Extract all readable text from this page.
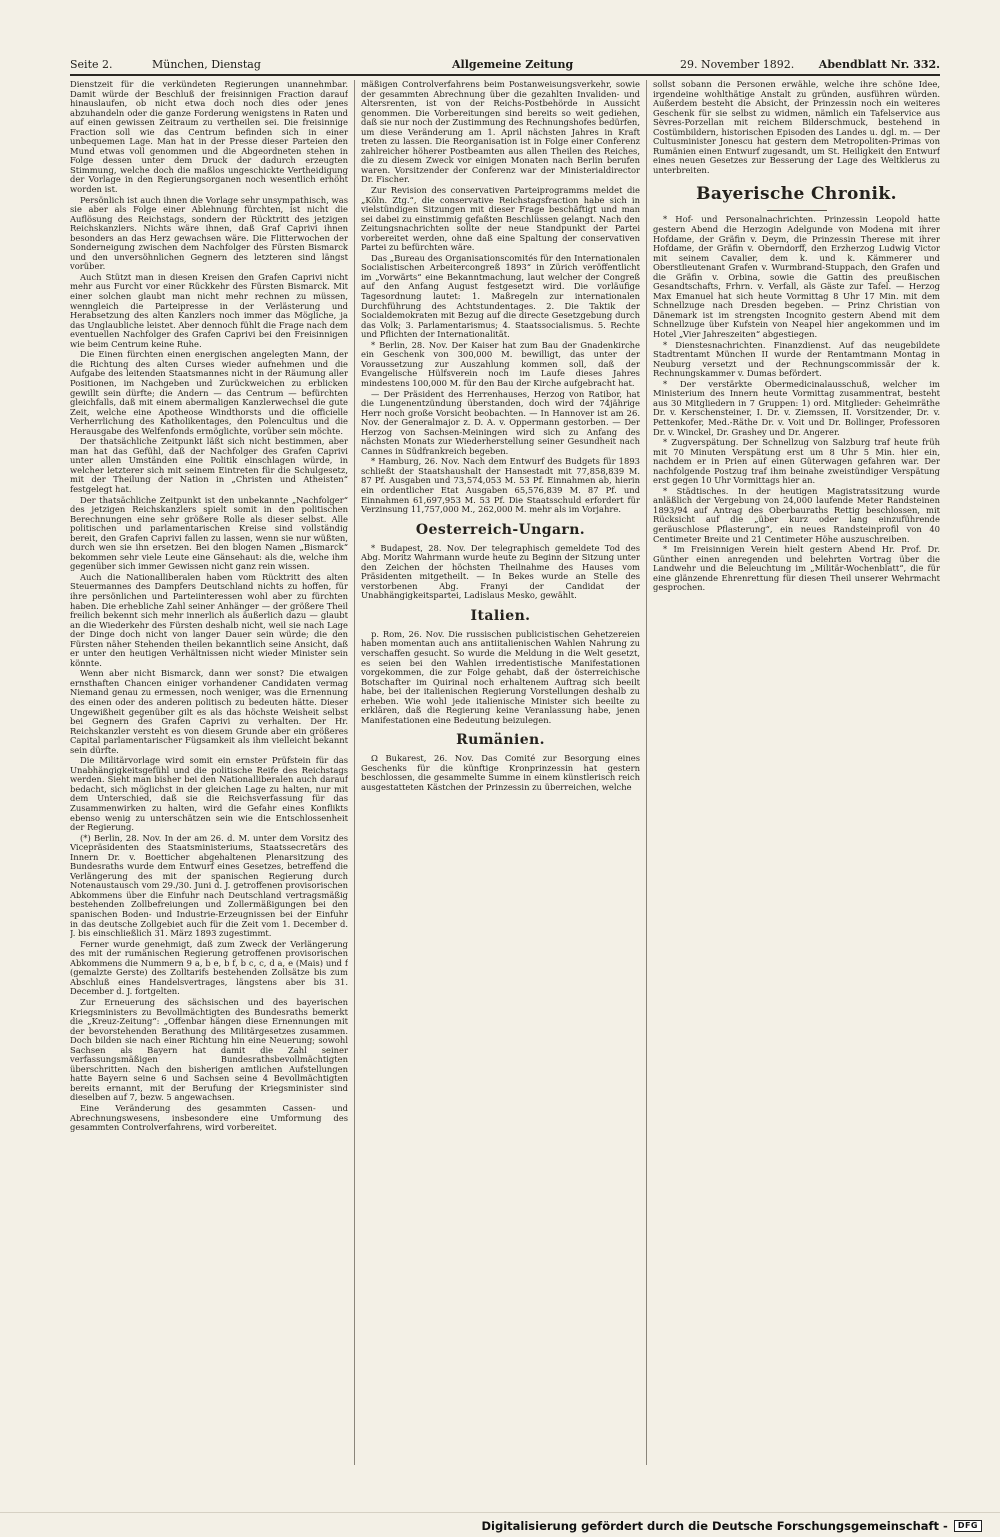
Seite 2.	München, Dienstag	Allgemeine Zeitung	29. November 1892. Abendblatt Nr. 332.

Dienstzeit für die verkündeten Regierungen unannehmbar. Damit würde der Beschluß der freisinnigen Fraction darauf hinauslaufen, ob nicht etwa doch noch dies oder jenes abzuhandeln oder die ganze Forderung wenigstens in Raten und auf einen gewissen Zeitraum zu vertheilen sei. Die freisinnige Fraction soll wie das Centrum befinden sich in einer unbequemen Lage. Man hat in der Presse dieser Parteien den Mund etwas voll genommen und die Abgeordneten stehen in Folge dessen unter dem Druck der dadurch erzeugten Stimmung, welche doch die maßlos ungeschickte Vertheidigung der Vorlage in den Regierungsorganen noch wesentlich erhöht worden ist.

Persönlich ist auch ihnen die Vorlage sehr unsympathisch, was sie aber als Folge einer Ablehnung fürchten, ist nicht die Auflösung des Reichstags, sondern der Rücktritt des jetzigen Reichskanzlers. Nichts wäre ihnen, daß Graf Caprivi ihnen besonders an das Herz gewachsen wäre. Die Flitterwochen der Sonderneigung zwischen dem Nachfolger des Fürsten Bismarck und den unversöhnlichen Gegnern des letzteren sind längst vorüber.

Auch Stützt man in diesen Kreisen den Grafen Caprivi nicht mehr aus Furcht vor einer Rückkehr des Fürsten Bismarck. Mit einer solchen glaubt man nicht mehr rechnen zu müssen, wenngleich die Parteipresse in der Verlästerung und Herabsetzung des alten Kanzlers noch immer das Mögliche, ja das Unglaubliche leistet. Aber dennoch fühlt die Frage nach dem eventuellen Nachfolger des Grafen Caprivi bei den Freisinnigen wie beim Centrum keine Ruhe.

Die Einen fürchten einen energischen angelegten Mann, der die Richtung des alten Curses wieder aufnehmen und die Aufgabe des leitenden Staatsmannes nicht in der Räumung aller Positionen, im Nachgeben und Zurückweichen zu erblicken gewillt sein dürfte; die Andern — das Centrum — befürchten gleichfalls, daß mit einem abermaligen Kanzlerwechsel die gute Zeit, welche eine Apotheose Windthorsts und die officielle Verherrlichung des Katholikentages, den Polencultus und die Herausgabe des Welfenfonds ermöglichte, vorüber sein möchte.

Der thatsächliche Zeitpunkt läßt sich nicht bestimmen, aber man hat das Gefühl, daß der Nachfolger des Grafen Caprivi unter allen Umständen eine Politik einschlagen würde, in welcher letzterer sich mit seinem Eintreten für die Schulgesetz, mit der Theilung der Nation in „Christen und Atheisten“ festgelegt hat.

Der thatsächliche Zeitpunkt ist den unbekannte „Nachfolger“ des jetzigen Reichskanzlers spielt somit in den politischen Berechnungen eine sehr größere Rolle als dieser selbst. Alle politischen und parlamentarischen Kreise sind vollständig bereit, den Grafen Caprivi fallen zu lassen, wenn sie nur wüßten, durch wen sie ihn ersetzen. Bei den blogen Namen „Bismarck“ bekommen sehr viele Leute eine Gänsehaut: als die, welche ihm gegenüber sich immer Gewissen nicht ganz rein wissen.

Auch die Nationalliberalen haben vom Rücktritt des alten Steuermannes des Dampfers Deutschland nichts zu hoffen, für ihre persönlichen und Parteiinteressen wohl aber zu fürchten haben. Die erhebliche Zahl seiner Anhänger — der größere Theil freilich bekennt sich mehr innerlich als äußerlich dazu — glaubt an die Wiederkehr des Fürsten deshalb nicht, weil sie nach Lage der Dinge doch nicht von langer Dauer sein würde; die den Fürsten näher Stehenden theilen bekanntlich seine Ansicht, daß er unter den heutigen Verhältnissen nicht wieder Minister sein könnte.

Wenn aber nicht Bismarck, dann wer sonst? Die etwaigen ernsthaften Chancen einiger vorhandener Candidaten vermag Niemand genau zu ermessen, noch weniger, was die Ernennung des einen oder des anderen politisch zu bedeuten hätte. Dieser Ungewißheit gegenüber gilt es als das höchste Weisheit selbst bei Gegnern des Grafen Caprivi zu verhalten. Der Hr. Reichskanzler versteht es von diesem Grunde aber ein größeres Capital parlamentarischer Fügsamkeit als ihm vielleicht bekannt sein dürfte.

Die Militärvorlage wird somit ein ernster Prüfstein für das Unabhängigkeitsgefühl und die politische Reife des Reichstags werden. Sieht man bisher bei den Nationalliberalen auch darauf bedacht, sich möglichst in der gleichen Lage zu halten, nur mit dem Unterschied, daß sie die Reichsverfassung für das Zusammenwirken zu halten, wird die Gefahr eines Konflikts ebenso wenig zu unterschätzen sein wie die Entschlossenheit der Regierung.

(*) Berlin, 28. Nov. In der am 26. d. M. unter dem Vorsitz des Vicepräsidenten des Staatsministeriums, Staatssecretärs des Innern Dr. v. Boetticher abgehaltenen Plenarsitzung des Bundesraths wurde dem Entwurf eines Gesetzes, betreffend die Verlängerung des mit der spanischen Regierung durch Notenaustausch vom 29./30. Juni d. J. getroffenen provisorischen Abkommens über die Einfuhr nach Deutschland vertragsmäßig bestehenden Zollbefreiungen und Zollermäßigungen bei den spanischen Boden- und Industrie-Erzeugnissen bei der Einfuhr in das deutsche Zollgebiet auch für die Zeit vom 1. December d. J. bis einschließlich 31. März 1893 zugestimmt.

Ferner wurde genehmigt, daß zum Zweck der Verlängerung des mit der rumänischen Regierung getroffenen provisorischen Abkommens die Nummern 9 a, b e, b f, b c, c, d a, e (Mais) und f (gemalzte Gerste) des Zolltarifs bestehenden Zollsätze bis zum Abschluß eines Handelsvertrages, längstens aber bis 31. December d. J. fortgelten.

Zur Erneuerung des sächsischen und des bayerischen Kriegsministers zu Bevollmächtigten des Bundesraths bemerkt die „Kreuz-Zeitung“: „Offenbar hängen diese Ernennungen mit der bevorstehenden Berathung des Militärgesetzes zusammen. Doch bilden sie nach einer Richtung hin eine Neuerung; sowohl Sachsen als Bayern hat damit die Zahl seiner verfassungsmäßigen Bundesrathsbevollmächtigten überschritten. Nach den bisherigen amtlichen Aufstellungen hatte Bayern seine 6 und Sachsen seine 4 Bevollmächtigten bereits ernannt, mit der Berufung der Kriegsminister sind dieselben auf 7, bezw. 5 angewachsen.

Eine Veränderung des gesammten Cassen- und Abrechnungswesens, insbesondere eine Umformung des gesammten Controlverfahrens, wird vorbereitet.

mäßigen Controlverfahrens beim Postanweisungsverkehr, sowie der gesammten Abrechnung über die gezahlten Invaliden- und Altersrenten, ist von der Reichs-Postbehörde in Aussicht genommen. Die Vorbereitungen sind bereits so weit gediehen, daß sie nur noch der Zustimmung des Rechnungshofes bedürfen, um diese Veränderung am 1. April nächsten Jahres in Kraft treten zu lassen. Die Reorganisation ist in Folge einer Conferenz zahlreicher höherer Postbeamten aus allen Theilen des Reiches, die zu diesem Zweck vor einigen Monaten nach Berlin berufen waren. Vorsitzender der Conferenz war der Ministerialdirector Dr. Fischer.

Zur Revision des conservativen Parteiprogramms meldet die „Köln. Ztg.“, die conservative Reichstagsfraction habe sich in vielstündigen Sitzungen mit dieser Frage beschäftigt und man sei dabei zu einstimmig gefaßten Beschlüssen gelangt. Nach den Zeitungsnachrichten sollte der neue Standpunkt der Partei vorbereitet werden, ohne daß eine Spaltung der conservativen Partei zu befürchten wäre.

Das „Bureau des Organisationscomités für den Internationalen Socialistischen Arbeitercongreß 1893“ in Zürich veröffentlicht im „Vorwärts“ eine Bekanntmachung, laut welcher der Congreß auf den Anfang August festgesetzt wird. Die vorläufige Tagesordnung lautet: 1. Maßregeln zur internationalen Durchführung des Achtstundentages. 2. Die Taktik der Socialdemokraten mit Bezug auf die directe Gesetzgebung durch das Volk; 3. Parlamentarismus; 4. Staatssocialismus. 5. Rechte und Pflichten der Internationalität.

* Berlin, 28. Nov. Der Kaiser hat zum Bau der Gnadenkirche ein Geschenk von 300,000 M. bewilligt, das unter der Voraussetzung zur Auszahlung kommen soll, daß der Evangelische Hülfsverein noch im Laufe dieses Jahres mindestens 100,000 M. für den Bau der Kirche aufgebracht hat.

— Der Präsident des Herrenhauses, Herzog von Ratibor, hat die Lungenentzündung überstanden, doch wird der 74jährige Herr noch große Vorsicht beobachten. — In Hannover ist am 26. Nov. der Generalmajor z. D. A. v. Oppermann gestorben. — Der Herzog von Sachsen-Meiningen wird sich zu Anfang des nächsten Monats zur Wiederherstellung seiner Gesundheit nach Cannes in Südfrankreich begeben.

* Hamburg, 26. Nov. Nach dem Entwurf des Budgets für 1893 schließt der Staatshaushalt der Hansestadt mit 77,858,839 M. 87 Pf. Ausgaben und 73,574,053 M. 53 Pf. Einnahmen ab, hierin ein ordentlicher Etat Ausgaben 65,576,839 M. 87 Pf. und Einnahmen 61,697,953 M. 53 Pf. Die Staatsschuld erfordert für Verzinsung 11,757,000 M., 262,000 M. mehr als im Vorjahre.

Oesterreich-Ungarn.

* Budapest, 28. Nov. Der telegraphisch gemeldete Tod des Abg. Moritz Wahrmann wurde heute zu Beginn der Sitzung unter den Zeichen der höchsten Theilnahme des Hauses vom Präsidenten mitgetheilt. — In Bekes wurde an Stelle des verstorbenen Abg. Franyi der Candidat der Unabhängigkeitspartei, Ladislaus Mesko, gewählt.

Italien.

p. Rom, 26. Nov. Die russischen publicistischen Gehetzereien haben momentan auch ans antiitalienischen Wahlen Nahrung zu verschaffen gesucht. So wurde die Meldung in die Welt gesetzt, es seien bei den Wahlen irredentistische Manifestationen vorgekommen, die zur Folge gehabt, daß der österreichische Botschafter im Quirinal noch erhaltenem Auftrag sich beeilt habe, bei der italienischen Regierung Vorstellungen deshalb zu erheben. Wie wohl jede italienische Minister sich beeilte zu erklären, daß die Regierung keine Veranlassung habe, jenen Manifestationen eine Bedeutung beizulegen.

Rumänien.

Ω Bukarest, 26. Nov. Das Comité zur Besorgung eines Geschenks für die künftige Kronprinzessin hat gestern beschlossen, die gesammelte Summe in einem künstlerisch reich ausgestatteten Kästchen der Prinzessin zu überreichen, welche

sollst sobann die Personen erwähle, welche ihre schöne Idee, irgendeine wohlthätige Anstalt zu gründen, ausführen würden. Außerdem besteht die Absicht, der Prinzessin noch ein weiteres Geschenk für sie selbst zu widmen, nämlich ein Tafelservice aus Sèvres-Porzellan mit reichem Bilderschmuck, bestehend in Costümbildern, historischen Episoden des Landes u. dgl. m. — Der Cultusminister Jonescu hat gestern dem Metropoliten-Primas von Rumänien einen Entwurf zugesandt, um St. Heiligkeit den Entwurf eines neuen Gesetzes zur Besserung der Lage des Weltklerus zu unterbreiten.

Bayerische Chronik.

* Hof- und Personalnachrichten. Prinzessin Leopold hatte gestern Abend die Herzogin Adelgunde von Modena mit ihrer Hofdame, der Gräfin v. Deym, die Prinzessin Therese mit ihrer Hofdame, der Gräfin v. Oberndorff, den Erzherzog Ludwig Victor mit seinem Cavalier, dem k. und k. Kämmerer und Oberstlieutenant Grafen v. Wurmbrand-Stuppach, den Grafen und die Gräfin v. Orbina, sowie die Gattin des preußischen Gesandtschafts, Frhrn. v. Verfall, als Gäste zur Tafel. — Herzog Max Emanuel hat sich heute Vormittag 8 Uhr 17 Min. mit dem Schnellzuge nach Dresden begeben. — Prinz Christian von Dänemark ist im strengsten Incognito gestern Abend mit dem Schnellzuge über Kufstein von Neapel hier angekommen und im Hotel „Vier Jahreszeiten“ abgestiegen.

* Dienstesnachrichten. Finanzdienst. Auf das neugebildete Stadtrentamt München II wurde der Rentamtmann Montag in Neuburg versetzt und der Rechnungscommissär der k. Rechnungskammer v. Dumas befördert.

* Der verstärkte Obermedicinalausschuß, welcher im Ministerium des Innern heute Vormittag zusammentrat, besteht aus 30 Mitgliedern in 7 Gruppen: 1) ord. Mitglieder: Geheimräthe Dr. v. Kerschensteiner, I. Dr. v. Ziemssen, II. Vorsitzender, Dr. v. Pettenkofer, Med.-Räthe Dr. v. Voit und Dr. Bollinger, Professoren Dr. v. Winckel, Dr. Grashey und Dr. Angerer.

* Zugverspätung. Der Schnellzug von Salzburg traf heute früh mit 70 Minuten Verspätung erst um 8 Uhr 5 Min. hier ein, nachdem er in Prien auf einen Güterwagen gefahren war. Der nachfolgende Postzug traf ihm beinahe zweistündiger Verspätung erst gegen 10 Uhr Vormittags hier an.

* Städtisches. In der heutigen Magistratssitzung wurde anläßlich der Vergebung von 24,000 laufende Meter Randsteinen 1893/94 auf Antrag des Oberbauraths Rettig beschlossen, mit Rücksicht auf die „über kurz oder lang einzuführende geräuschlose Pflasterung“, ein neues Randsteinprofil von 40 Centimeter Breite und 21 Centimeter Höhe auszuschreiben.

* Im Freisinnigen Verein hielt gestern Abend Hr. Prof. Dr. Günther einen anregenden und belehrten Vortrag über die Landwehr und die Beleuchtung im „Militär-Wochenblatt“, die für eine glänzende Ehrenrettung für diesen Theil unserer Wehrmacht gesprochen.

Digitalisierung gefördert durch die Deutsche Forschungsgemeinschaft -	DFG
